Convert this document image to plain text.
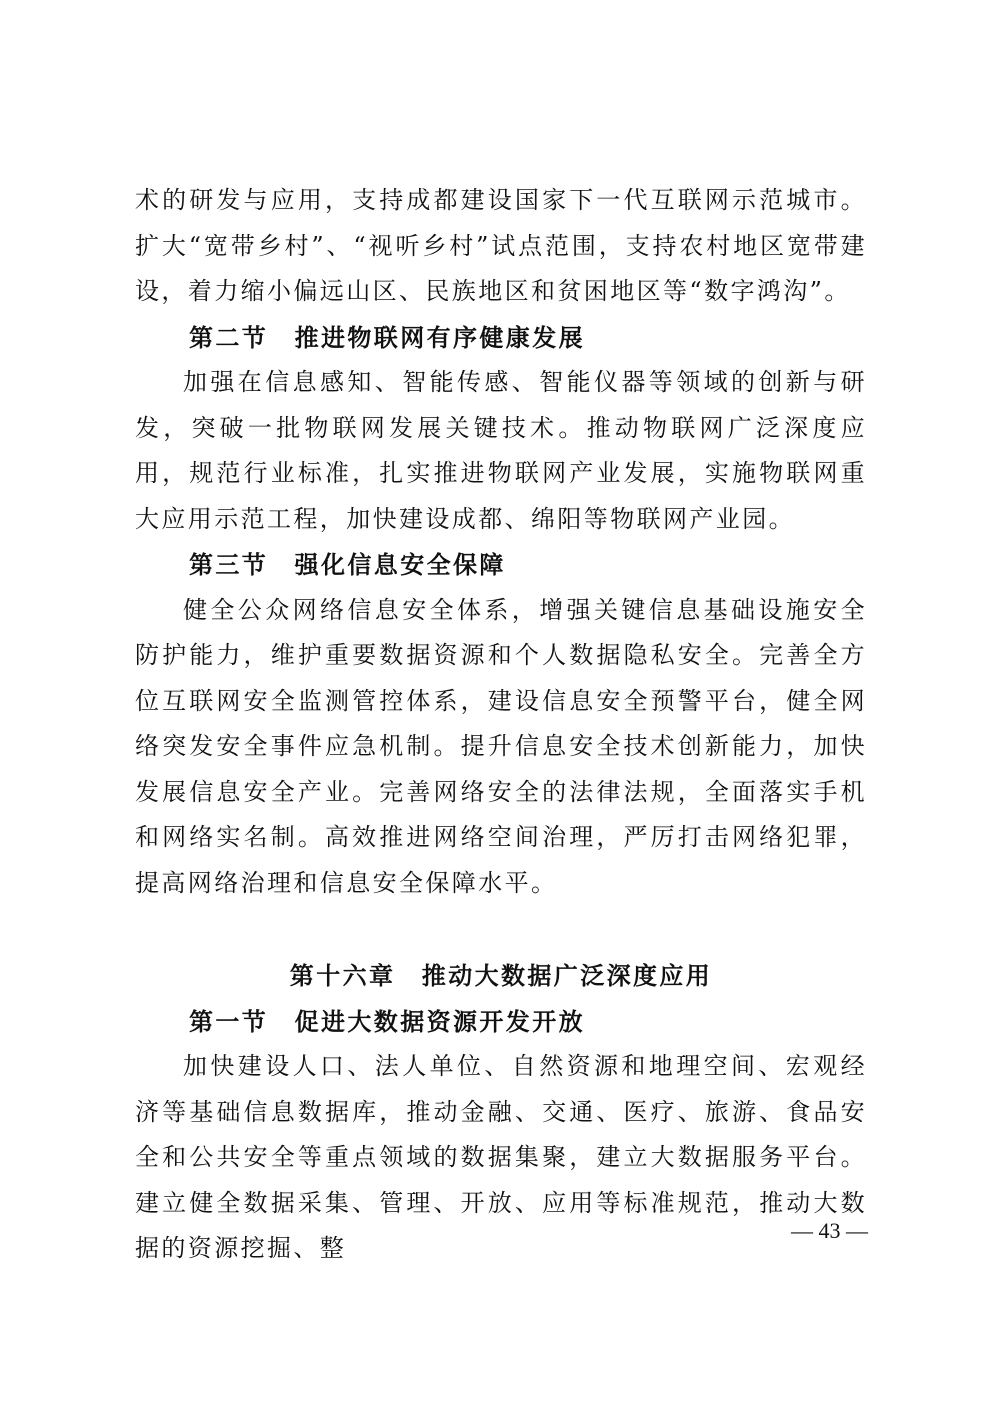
术的研发与应用，支持成都建设国家下一代互联网示范城市。扩大“宽带乡村”、“视听乡村”试点范围，支持农村地区宽带建设，着力缩小偏远山区、民族地区和贫困地区等“数字鸿沟”。

第二节　推进物联网有序健康发展

加强在信息感知、智能传感、智能仪器等领域的创新与研发，突破一批物联网发展关键技术。推动物联网广泛深度应用，规范行业标准，扎实推进物联网产业发展，实施物联网重大应用示范工程，加快建设成都、绵阳等物联网产业园。

第三节　强化信息安全保障

健全公众网络信息安全体系，增强关键信息基础设施安全防护能力，维护重要数据资源和个人数据隐私安全。完善全方位互联网安全监测管控体系，建设信息安全预警平台，健全网络突发安全事件应急机制。提升信息安全技术创新能力，加快发展信息安全产业。完善网络安全的法律法规，全面落实手机和网络实名制。高效推进网络空间治理，严厉打击网络犯罪，提高网络治理和信息安全保障水平。

第十六章　推动大数据广泛深度应用

第一节　促进大数据资源开发开放

加快建设人口、法人单位、自然资源和地理空间、宏观经济等基础信息数据库，推动金融、交通、医疗、旅游、食品安全和公共安全等重点领域的数据集聚，建立大数据服务平台。建立健全数据采集、管理、开放、应用等标准规范，推动大数据的资源挖掘、整

— 43 —
